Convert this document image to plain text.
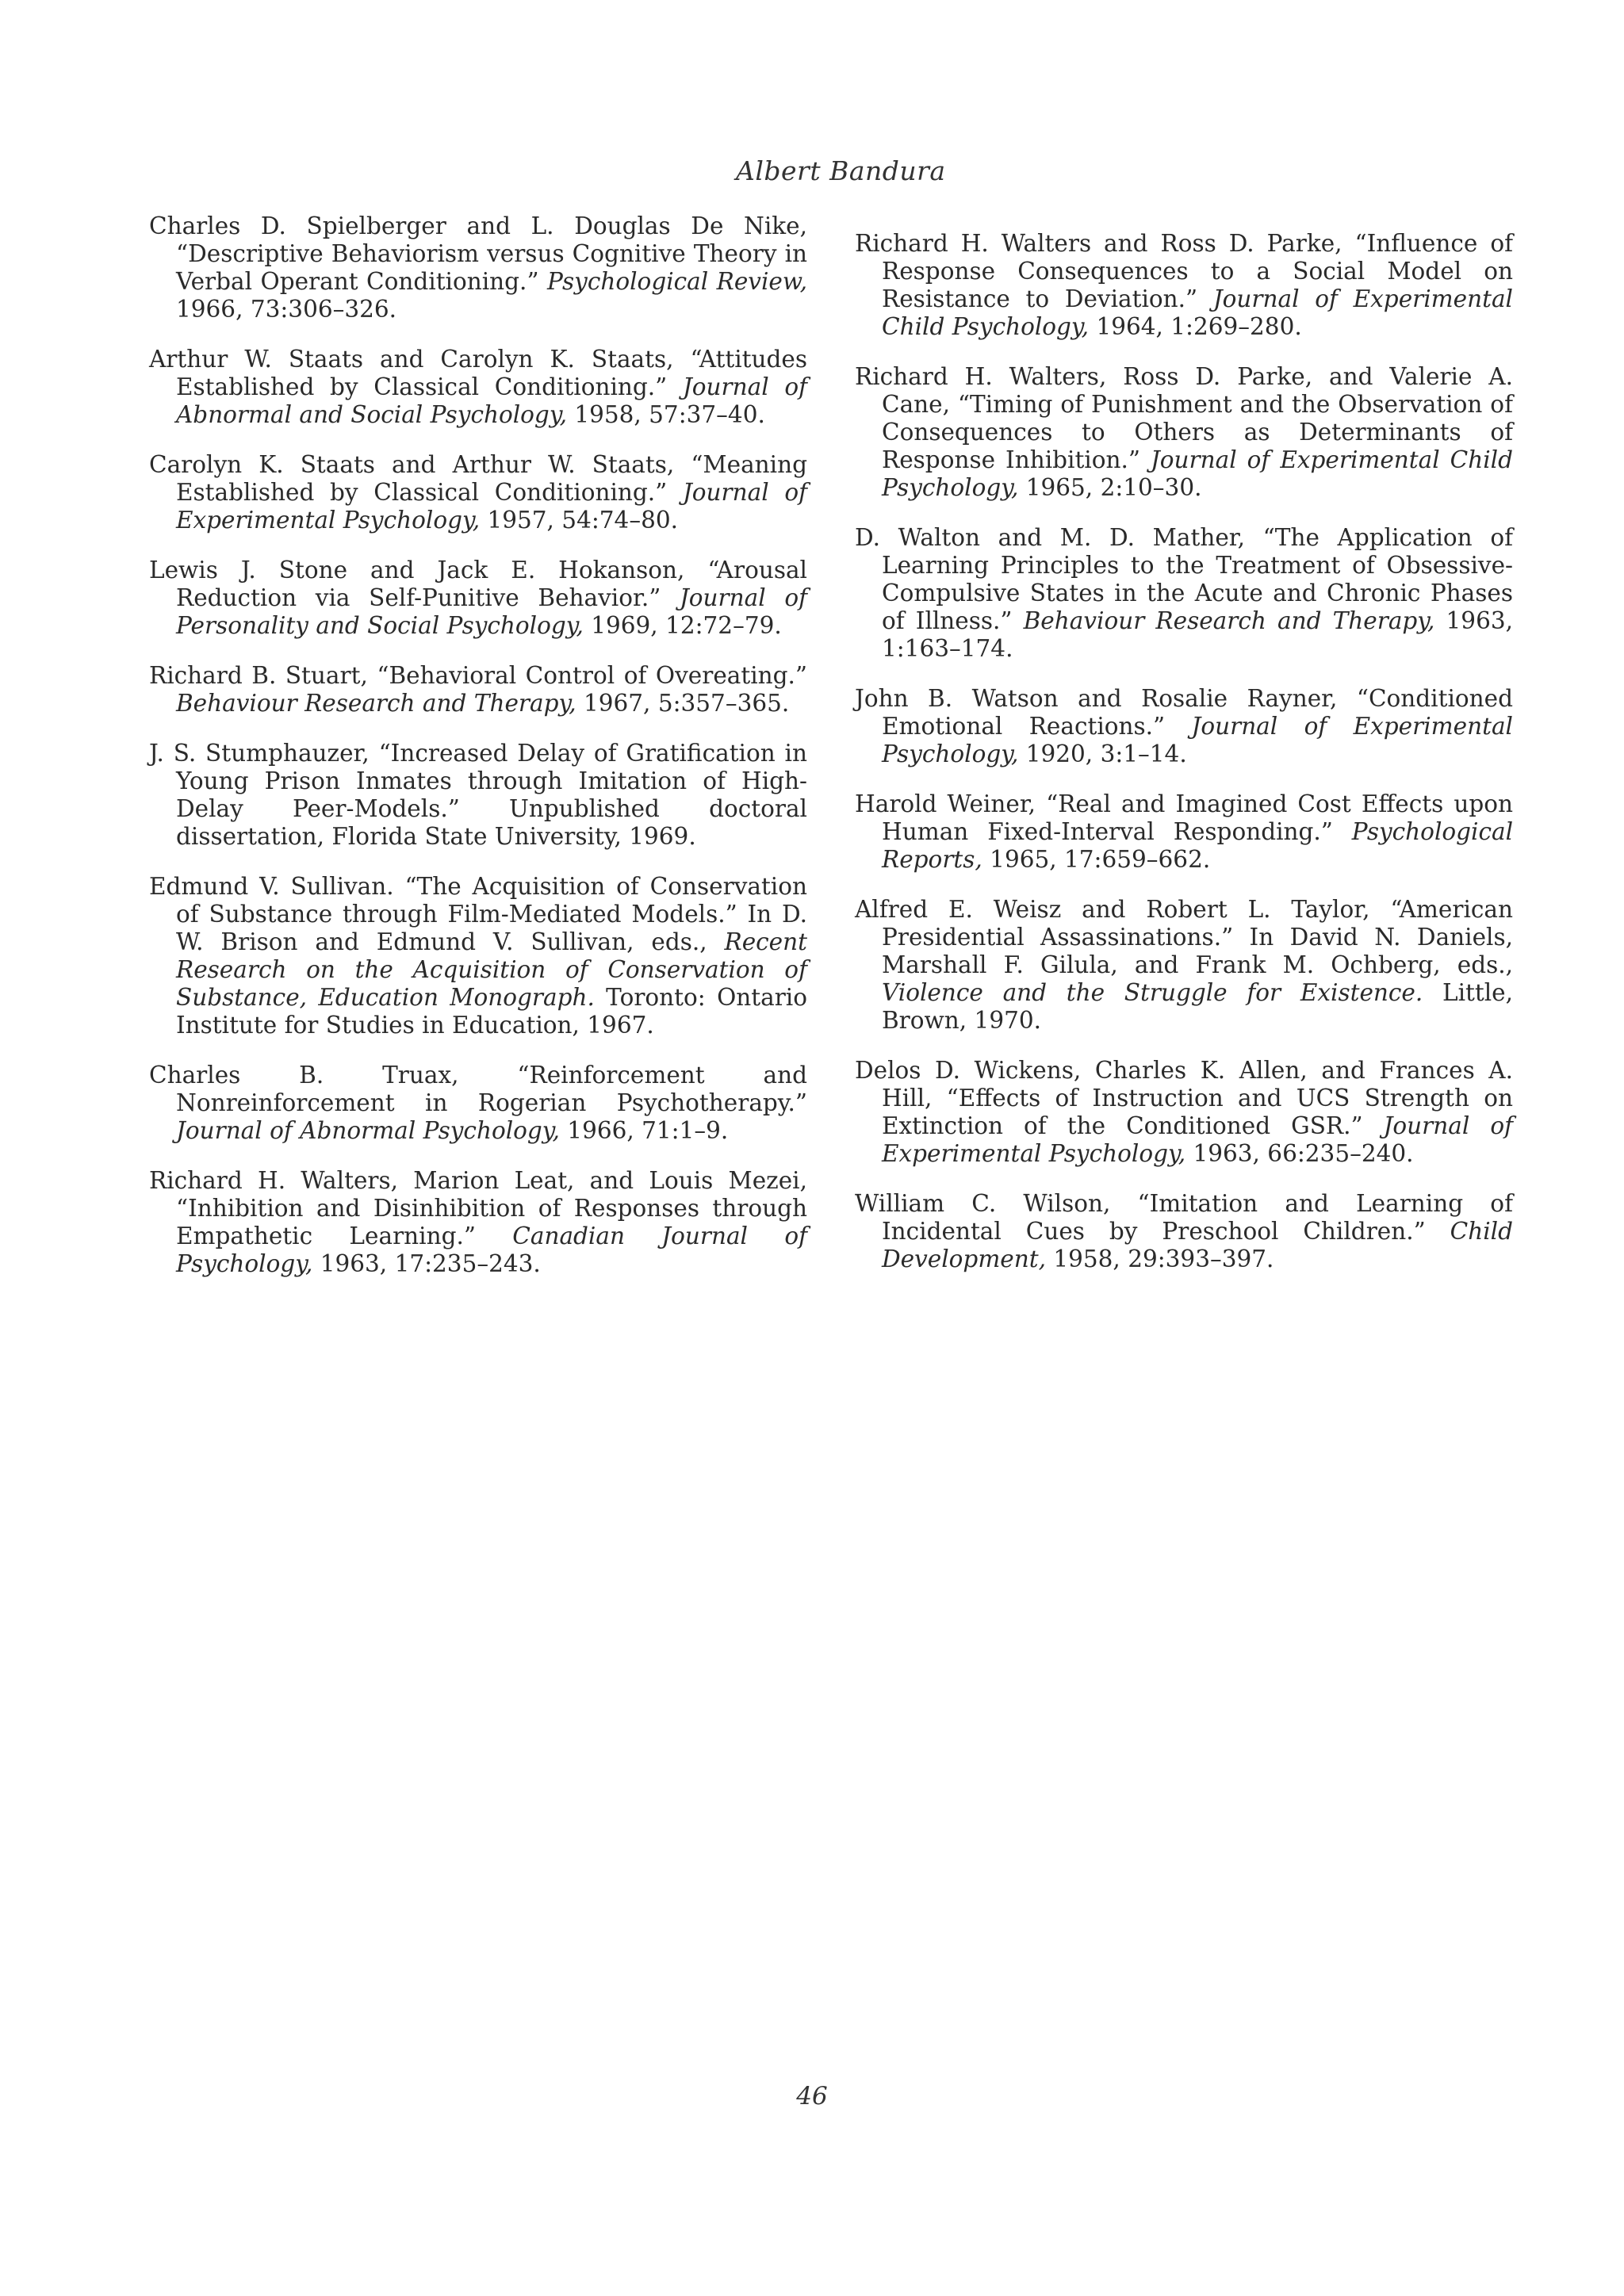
Albert Bandura

Charles D. Spielberger and L. Douglas De Nike, “Descriptive Behaviorism versus Cognitive Theory in Verbal Operant Conditioning.” Psychological Review, 1966, 73:306–326.

Arthur W. Staats and Carolyn K. Staats, “Attitudes Established by Classical Conditioning.” Journal of Abnormal and Social Psychology, 1958, 57:37–40.

Carolyn K. Staats and Arthur W. Staats, “Meaning Established by Classical Conditioning.” Journal of Experimental Psychology, 1957, 54:74–80.

Lewis J. Stone and Jack E. Hokanson, “Arousal Reduction via Self-Punitive Behavior.” Journal of Personality and Social Psychology, 1969, 12:72–79.

Richard B. Stuart, “Behavioral Control of Overeating.” Behaviour Research and Therapy, 1967, 5:357–365.

J. S. Stumphauzer, “Increased Delay of Gratification in Young Prison Inmates through Imitation of High-Delay Peer-Models.” Unpublished doctoral dissertation, Florida State University, 1969.

Edmund V. Sullivan. “The Acquisition of Conservation of Substance through Film-Mediated Models.” In D. W. Brison and Edmund V. Sullivan, eds., Recent Research on the Acquisition of Conservation of Substance, Education Monograph. Toronto: Ontario Institute for Studies in Education, 1967.

Charles B. Truax, “Reinforcement and Nonreinforcement in Rogerian Psychotherapy.” Journal of Abnormal Psychology, 1966, 71:1–9.

Richard H. Walters, Marion Leat, and Louis Mezei, “Inhibition and Disinhibition of Responses through Empathetic Learning.” Canadian Journal of Psychology, 1963, 17:235–243.

Richard H. Walters and Ross D. Parke, “Influence of Response Consequences to a Social Model on Resistance to Deviation.” Journal of Experimental Child Psychology, 1964, 1:269–280.

Richard H. Walters, Ross D. Parke, and Valerie A. Cane, “Timing of Punishment and the Observation of Consequences to Others as Determinants of Response Inhibition.” Journal of Experimental Child Psychology, 1965, 2:10–30.

D. Walton and M. D. Mather, “The Application of Learning Principles to the Treatment of Obsessive-Compulsive States in the Acute and Chronic Phases of Illness.” Behaviour Research and Therapy, 1963, 1:163–174.

John B. Watson and Rosalie Rayner, “Conditioned Emotional Reactions.” Journal of Experimental Psychology, 1920, 3:1–14.

Harold Weiner, “Real and Imagined Cost Effects upon Human Fixed-Interval Responding.” Psychological Reports, 1965, 17:659–662.

Alfred E. Weisz and Robert L. Taylor, “American Presidential Assassinations.” In David N. Daniels, Marshall F. Gilula, and Frank M. Ochberg, eds., Violence and the Struggle for Existence. Little, Brown, 1970.

Delos D. Wickens, Charles K. Allen, and Frances A. Hill, “Effects of Instruction and UCS Strength on Extinction of the Conditioned GSR.” Journal of Experimental Psychology, 1963, 66:235–240.

William C. Wilson, “Imitation and Learning of Incidental Cues by Preschool Children.” Child Development, 1958, 29:393–397.

46
